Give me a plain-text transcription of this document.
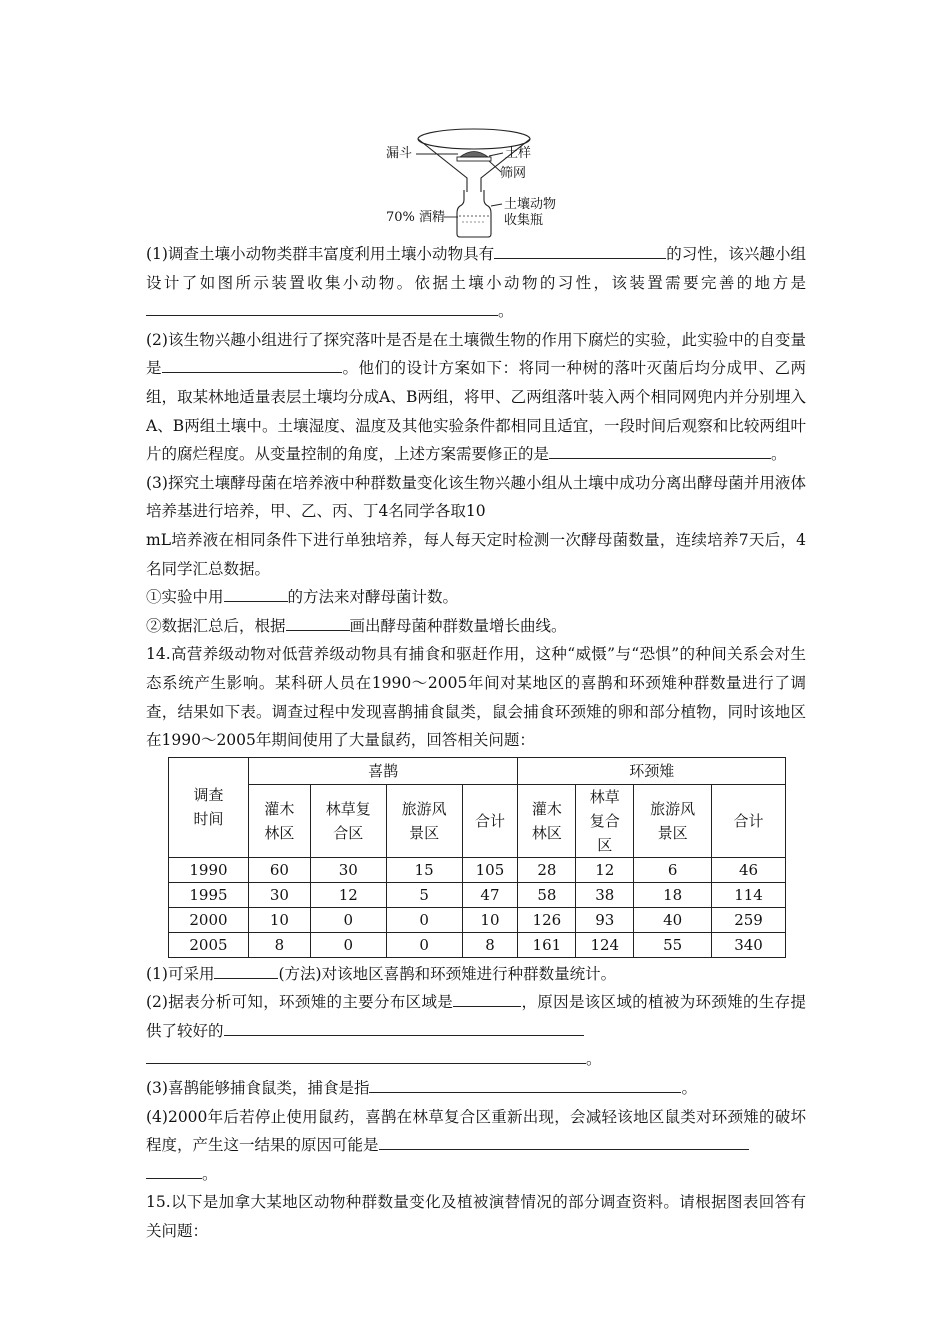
漏斗	土样
筛网
土壤动物
收集瓶
70% 酒精

(1)调查土壤小动物类群丰富度利用土壤小动物具有	的习性，该兴趣小组设计了如图所示装置收集小动物。依据土壤小动物的习性，该装置需要完善的地方是。

(2)该生物兴趣小组进行了探究落叶是否是在土壤微生物的作用下腐烂的实验，此实验中的自变量是	。他们的设计方案如下：将同一种树的落叶灭菌后均分成甲、乙两组，取某林地适量表层土壤均分成A、B两组，将甲、乙两组落叶装入两个相同网兜内并分别埋入A、B两组土壤中。土壤湿度、温度及其他实验条件都相同且适宜，一段时间后观察和比较两组叶片的腐烂程度。从变量控制的角度，上述方案需要修正的是	。

(3)探究土壤酵母菌在培养液中种群数量变化该生物兴趣小组从土壤中成功分离出酵母菌并用液体培养基进行培养，甲、乙、丙、丁4名同学各取10

mL培养液在相同条件下进行单独培养，每人每天定时检测一次酵母菌数量，连续培养7天后，4名同学汇总数据。

①实验中用	的方法来对酵母菌计数。

②数据汇总后，根据	画出酵母菌种群数量增长曲线。

14.高营养级动物对低营养级动物具有捕食和驱赶作用，这种“威慑”与“恐惧”的种间关系会对生态系统产生影响。某科研人员在1990～2005年间对某地区的喜鹊和环颈雉种群数量进行了调查，结果如下表。调查过程中发现喜鹊捕食鼠类，鼠会捕食环颈雉的卵和部分植物，同时该地区在1990～2005年期间使用了大量鼠药，回答相关问题：

调查时间	喜鹊				环颈雉			
	灌木林区	林草复合区	旅游风景区	合计	灌木林区	林草复合区	旅游风景区	合计
1990	60	30	15	105	28	12	6	46
1995	30	12	5	47	58	38	18	114
2000	10	0	0	10	126	93	40	259
2005	8	0	0	8	161	124	55	340

(1)可采用	(方法)对该地区喜鹊和环颈雉进行种群数量统计。

(2)据表分析可知，环颈雉的主要分布区域是	，原因是该区域的植被为环颈雉的生存提供了较好的
。

(3)喜鹊能够捕食鼠类，捕食是指	。

(4)2000年后若停止使用鼠药，喜鹊在林草复合区重新出现，会减轻该地区鼠类对环颈雉的破坏程度，产生这一结果的原因可能是
。

15.以下是加拿大某地区动物种群数量变化及植被演替情况的部分调查资料。请根据图表回答有关问题：
